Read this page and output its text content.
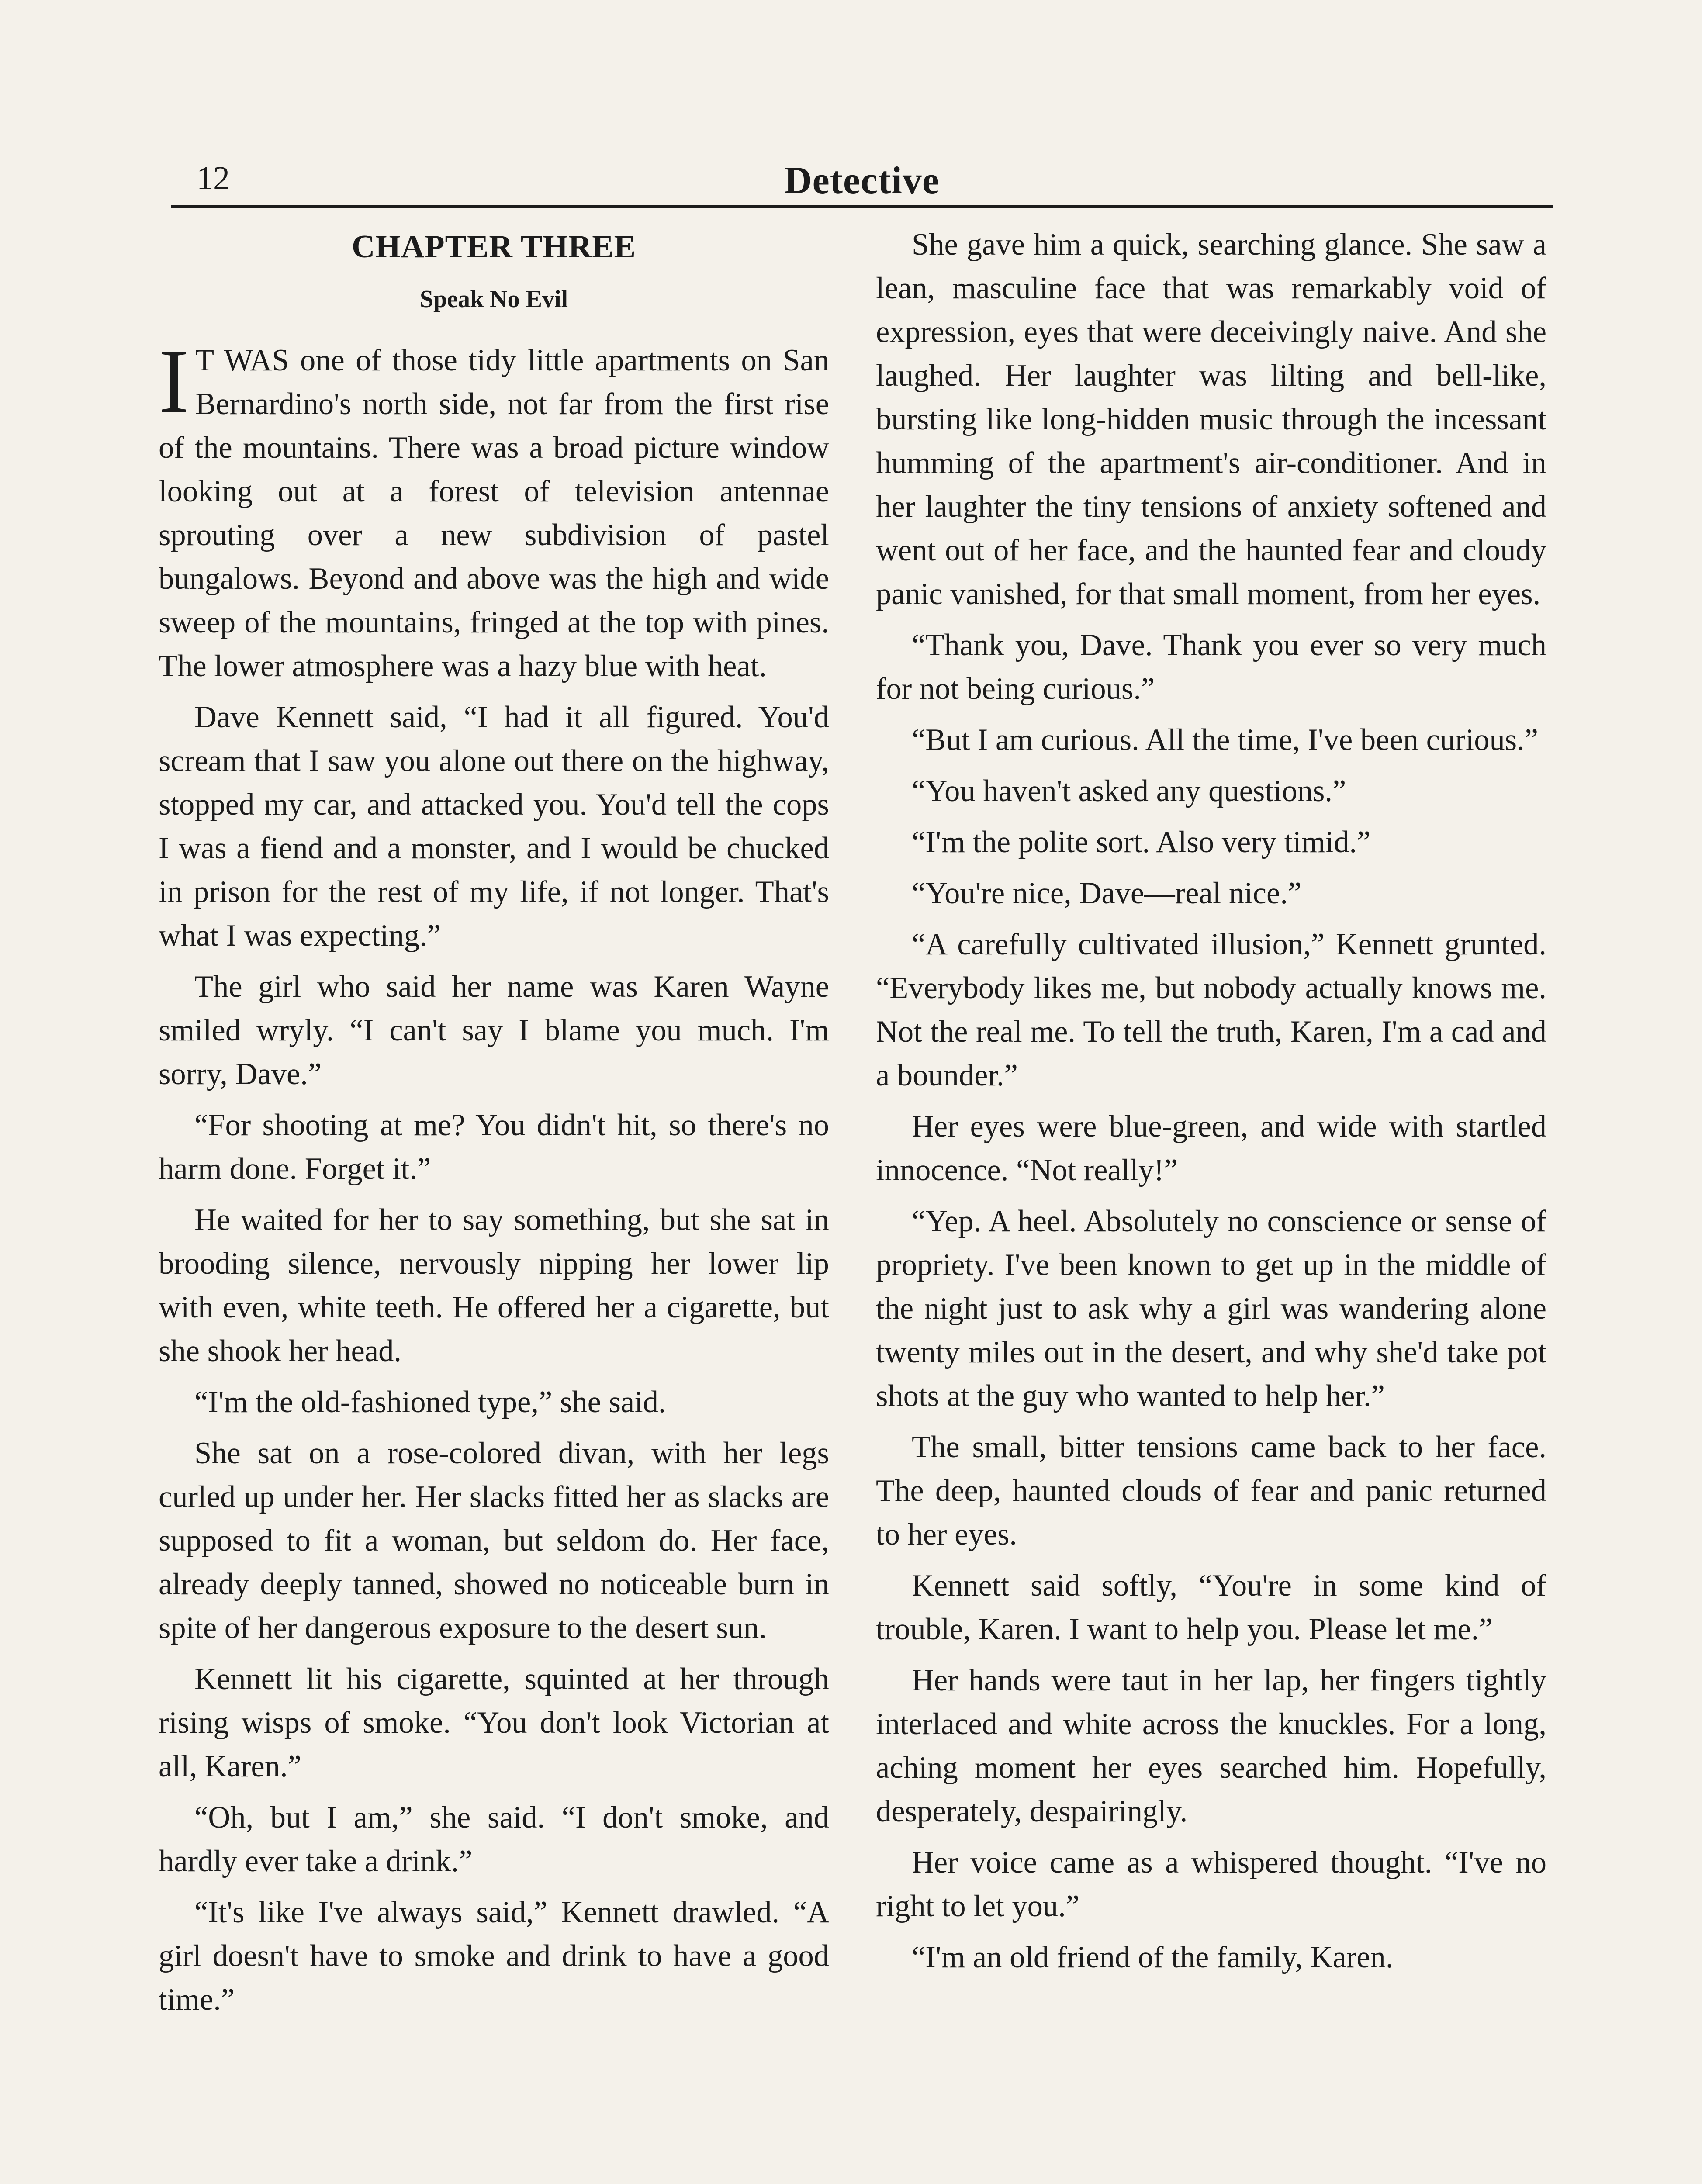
12	Detective
CHAPTER THREE
Speak No Evil

I T WAS one of those tidy little apartments on San Bernardino's north side, not far from the first rise of the mountains. There was a broad picture window looking out at a forest of television antennae sprouting over a new subdivision of pastel bungalows. Beyond and above was the high and wide sweep of the mountains, fringed at the top with pines. The lower atmosphere was a hazy blue with heat.

Dave Kennett said, “I had it all figured. You'd scream that I saw you alone out there on the highway, stopped my car, and attacked you. You'd tell the cops I was a fiend and a monster, and I would be chucked in prison for the rest of my life, if not longer. That's what I was expecting.”

The girl who said her name was Karen Wayne smiled wryly. “I can't say I blame you much. I'm sorry, Dave.”

“For shooting at me? You didn't hit, so there's no harm done. Forget it.”

He waited for her to say something, but she sat in brooding silence, nervously nipping her lower lip with even, white teeth. He offered her a cigarette, but she shook her head.

“I'm the old-fashioned type,” she said.

She sat on a rose-colored divan, with her legs curled up under her. Her slacks fitted her as slacks are supposed to fit a woman, but seldom do. Her face, already deeply tanned, showed no noticeable burn in spite of her dangerous exposure to the desert sun.

Kennett lit his cigarette, squinted at her through rising wisps of smoke. “You don't look Victorian at all, Karen.”

“Oh, but I am,” she said. “I don't smoke, and hardly ever take a drink.”

“It's like I've always said,” Kennett drawled. “A girl doesn't have to smoke and drink to have a good time.”

She gave him a quick, searching glance. She saw a lean, masculine face that was remarkably void of expression, eyes that were deceivingly naive. And she laughed. Her laughter was lilting and bell-like, bursting like long-hidden music through the incessant humming of the apartment's air-conditioner. And in her laughter the tiny tensions of anxiety softened and went out of her face, and the haunted fear and cloudy panic vanished, for that small moment, from her eyes.

“Thank you, Dave. Thank you ever so very much for not being curious.”

“But I am curious. All the time, I've been curious.”

“You haven't asked any questions.”

“I'm the polite sort. Also very timid.”

“You're nice, Dave—real nice.”

“A carefully cultivated illusion,” Kennett grunted. “Everybody likes me, but nobody actually knows me. Not the real me. To tell the truth, Karen, I'm a cad and a bounder.”

Her eyes were blue-green, and wide with startled innocence. “Not really!”

“Yep. A heel. Absolutely no conscience or sense of propriety. I've been known to get up in the middle of the night just to ask why a girl was wandering alone twenty miles out in the desert, and why she'd take pot shots at the guy who wanted to help her.”

The small, bitter tensions came back to her face. The deep, haunted clouds of fear and panic returned to her eyes.

Kennett said softly, “You're in some kind of trouble, Karen. I want to help you. Please let me.”

Her hands were taut in her lap, her fingers tightly interlaced and white across the knuckles. For a long, aching moment her eyes searched him. Hopefully, desperately, despairingly.

Her voice came as a whispered thought. “I've no right to let you.”

“I'm an old friend of the family, Karen.
